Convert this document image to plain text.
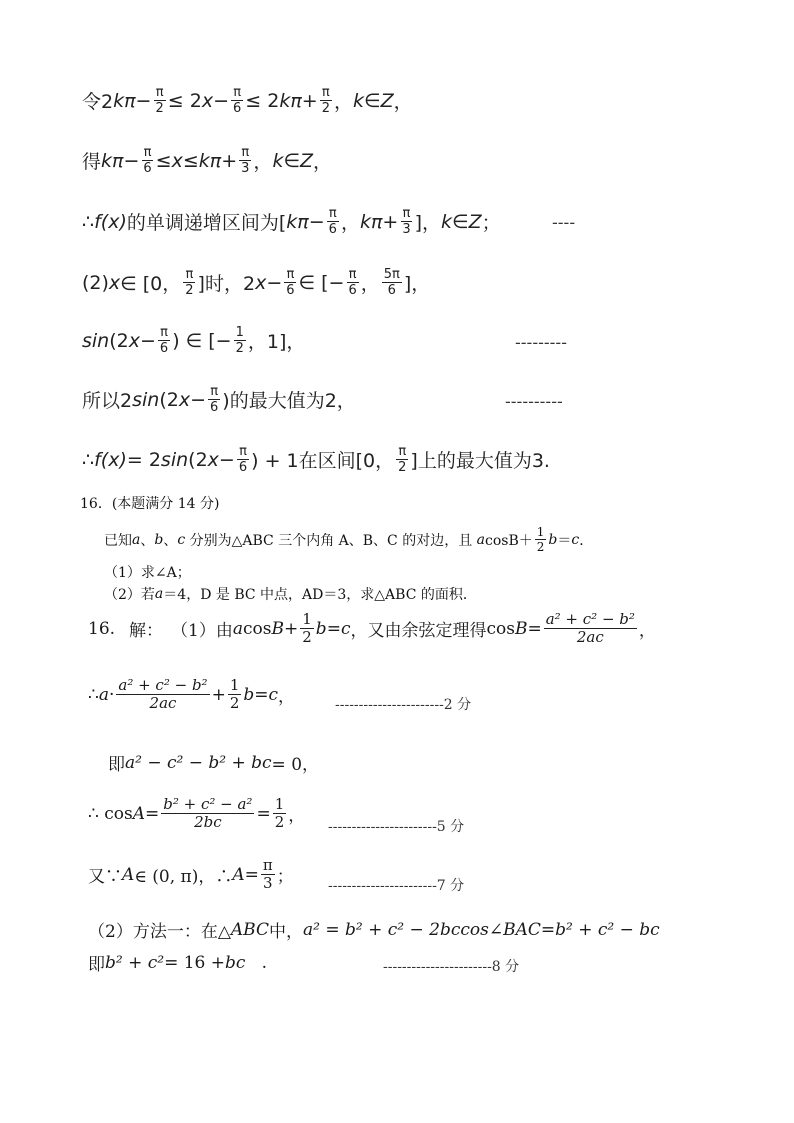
令2 $k\pi - \frac{\pi}{2} \le 2$ $x - \frac{\pi}{6} \le 2$ $k\pi + \frac{\pi}{2}$ ， k ∈ Z ，
得 $k\pi - \frac{\pi}{6} \le x \le k\pi + \frac{\pi}{3}$ ， k ∈ Z ，
∴ f(x) 的单调递增区间为[ $k\pi - \frac{\pi}{6}$ ， $k\pi + \frac{\pi}{3}$ ]， k ∈ Z ；	----
(2) x ∈ [0， $\frac{\pi}{2}$ ]时，2 $x - \frac{\pi}{6}$ ∈ [− $\frac{\pi}{6}$ ， $\frac{5\pi}{6}$ ]，
sin (2 $x - \frac{\pi}{6}$ ) ∈ [− $\frac{1}{2}$ ，1]，	---------
所以2 sin (2 $x - \frac{\pi}{6}$ )的最大值为2，	----------
∴ f(x) = 2 sin (2 $x - \frac{\pi}{6}$ ) + 1在区间[0， $\frac{\pi}{2}$ ]上的最大值为3.
16．(本题满分 14 分)
已知 a 、 b 、 c 分别为△ABC 三个内角 A、B、C 的对边，且 a $\cos B+ \frac{1}{2}$ b ＝ c ．
（1）求∠A；
（2）若 a ＝4，D 是 BC 中点，AD＝3，求△ABC 的面积．
16. 解： （1）由 a $\cos B + \frac{1}{2}$ b = c ，又由余弦定理得 $\cos B = \frac{\text{a² + c² − b²}}{2ac}$ ，
∴ $a \cdot \frac{\text{a² + c² − b²}}{2ac} + \frac{1}{2}$ b = c ，	-----------------------2 分
即 a² − c² − b² + bc = 0，
∴ $\cos A = \frac{\text{b² + c² − a²}}{2bc} = \frac{1}{2}$ ，
-----------------------5 分
又∵ A ∈ (0, π)，∴ $A = \frac{\pi}{3}$ ； -----------------------7 分
（2）方法一：在△ ABC 中， a² = b² + c² − 2bc cos∠ BAC = b² + c² − bc
即 b² + c² = 16 + bc .	-----------------------8 分
